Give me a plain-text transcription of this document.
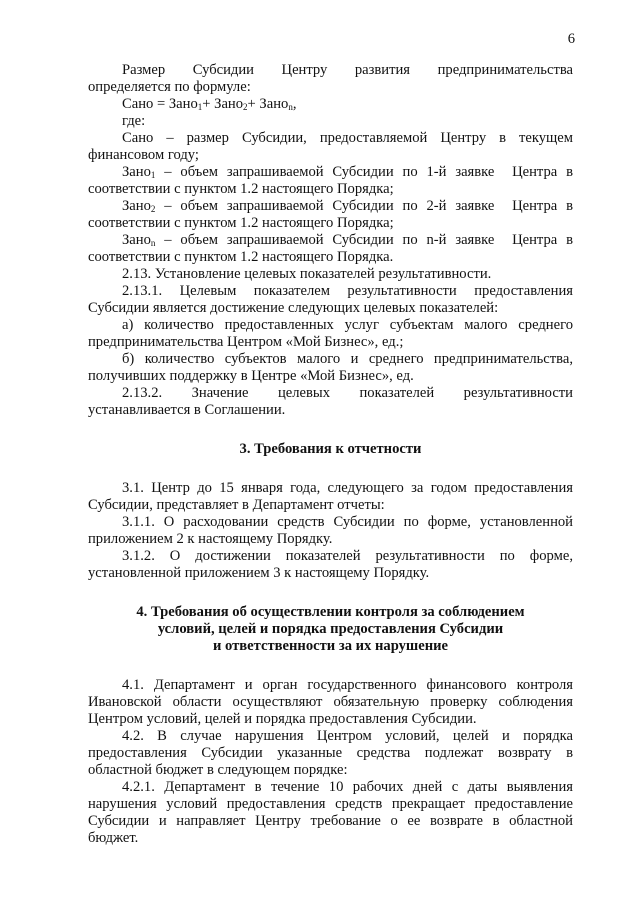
6

Размер Субсидии Центру развития предпринимательства

определяется по формуле:

Сано = Зано$_1$+ Зано$_2$+ Зано$_n$,

где:

Сано – размер Субсидии, предоставляемой Центру в текущем

финансовом году;

Зано$_1$ – объем запрашиваемой Субсидии по 1-й заявке  Центра в

соответствии с пунктом 1.2 настоящего Порядка;

Зано$_2$ – объем запрашиваемой Субсидии по 2-й заявке  Центра в

соответствии с пунктом 1.2 настоящего Порядка;

Зано$_n$ – объем запрашиваемой Субсидии по n-й заявке  Центра в

соответствии с пунктом 1.2 настоящего Порядка.

2.13. Установление целевых показателей результативности.

2.13.1. Целевым показателем результативности предоставления

Субсидии является достижение следующих целевых показателей:

а) количество предоставленных услуг субъектам малого среднего

предпринимательства Центром «Мой Бизнес», ед.;

б) количество субъектов малого и среднего предпринимательства,

получивших поддержку в Центре «Мой Бизнес», ед.

2.13.2. Значение целевых показателей результативности

устанавливается в Соглашении.

3. Требования к отчетности

3.1. Центр до 15 января года, следующего за годом предоставления

Субсидии, представляет в Департамент отчеты:

3.1.1. О расходовании средств Субсидии по форме, установленной

приложением 2 к настоящему Порядку.

3.1.2. О достижении показателей результативности по форме,

установленной приложением 3 к настоящему Порядку.

4. Требования об осуществлении контроля за соблюдением

условий, целей и порядка предоставления Субсидии

и ответственности за их нарушение

4.1. Департамент и орган государственного финансового контроля

Ивановской области осуществляют обязательную проверку соблюдения

Центром условий, целей и порядка предоставления Субсидии.

4.2. В случае нарушения Центром условий, целей и порядка

предоставления Субсидии указанные средства подлежат возврату в

областной бюджет в следующем порядке:

4.2.1. Департамент в течение 10 рабочих дней с даты выявления

нарушения условий предоставления средств прекращает предоставление

Субсидии и направляет Центру требование о ее возврате в областной

бюджет.
